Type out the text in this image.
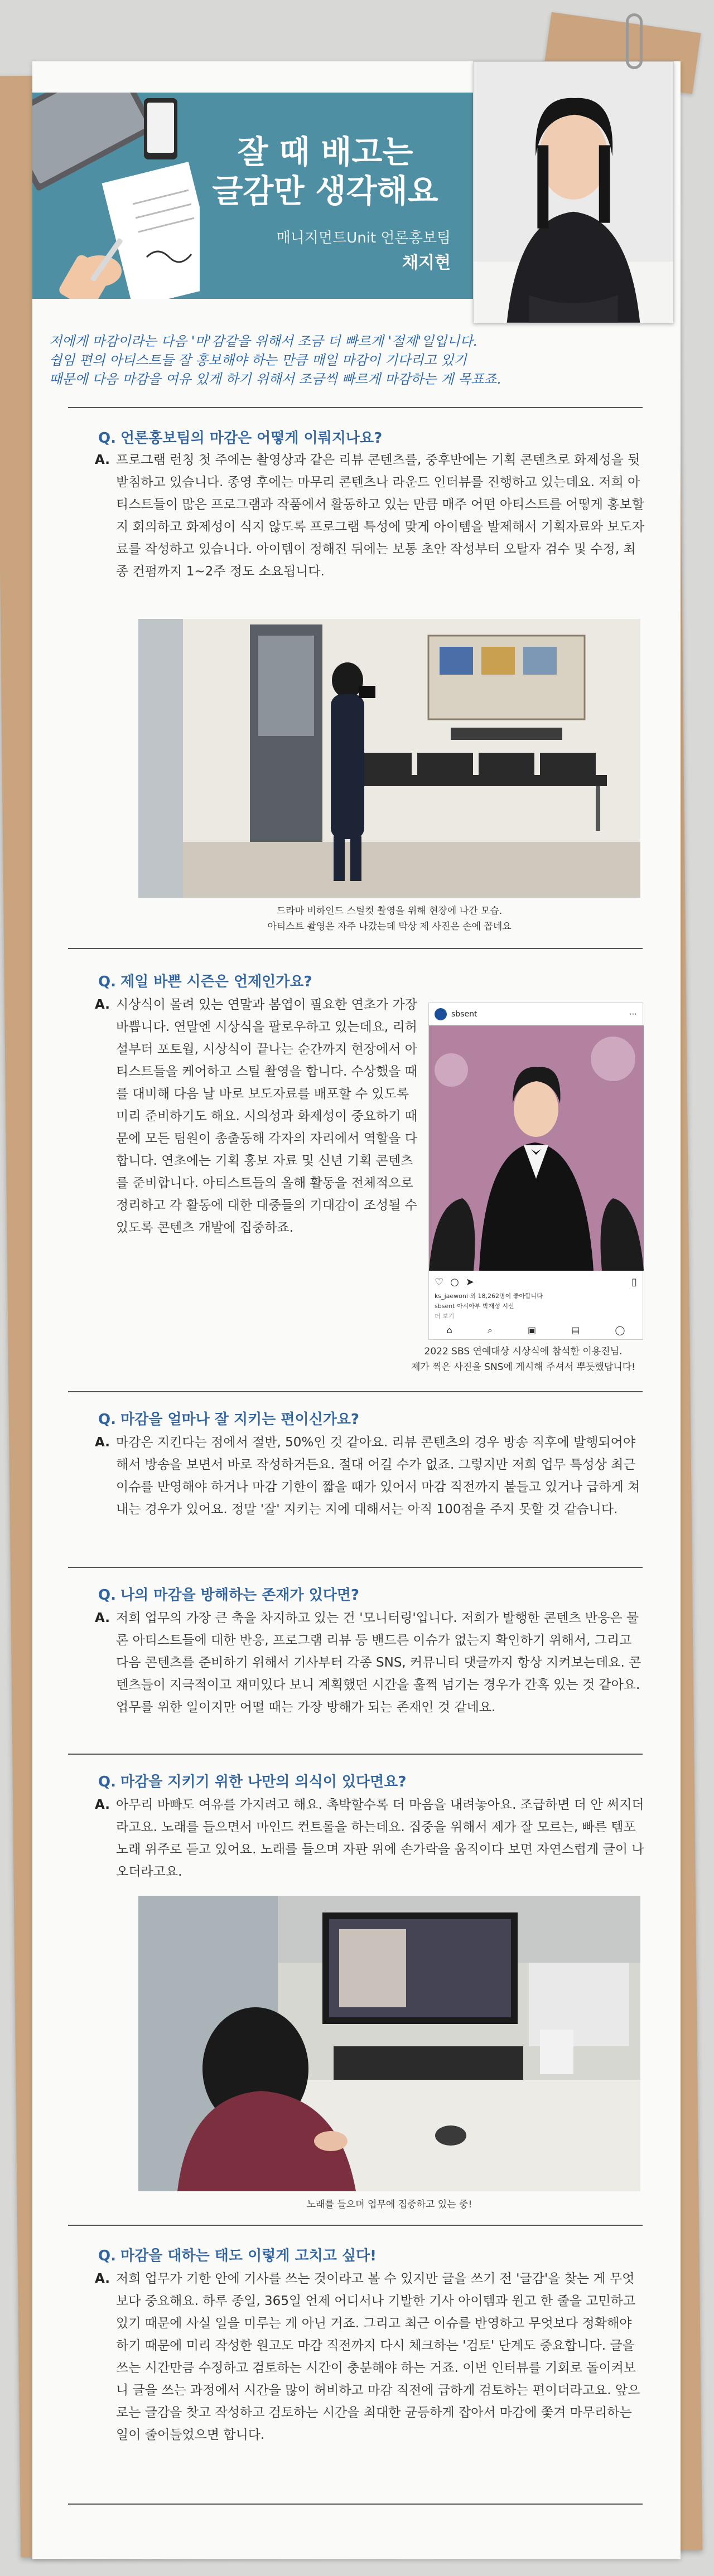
잘 때 배고는
글감만 생각해요
매니지먼트Unit 언론홍보팀
채지현
저에게 마감이라는 다음 '마'감같을 위해서 조금 더 빠르게 '절제'일입니다.
쉽임 편의 아티스트들 잘 홍보해야 하는 만큼 매일 마감이 기다리고 있기
때문에 다음 마감을 여유 있게 하기 위해서 조금씩 빠르게 마감하는 게 목표죠.
Q. 언론홍보팀의 마감은 어떻게 이뤄지나요?
A. 프로그램 런칭 첫 주에는 촬영상과 같은 리뷰 콘텐츠를, 중후반에는 기획 콘텐츠로 화제성을 뒷받침하고 있습니다. 종영 후에는 마무리 콘텐츠나 라운드 인터뷰를 진행하고 있는데요. 저희 아티스트들이 많은 프로그램과 작품에서 활동하고 있는 만큼 매주 어떤 아티스트를 어떻게 홍보할지 회의하고 화제성이 식지 않도록 프로그램 특성에 맞게 아이템을 발제해서 기획자료와 보도자료를 작성하고 있습니다. 아이템이 정해진 뒤에는 보통 초안 작성부터 오탈자 검수 및 수정, 최종 컨펌까지 1~2주 정도 소요됩니다.
드라마 비하인드 스틸컷 촬영을 위해 현장에 나간 모습.
아티스트 촬영은 자주 나갔는데 막상 제 사진은 손에 꼽네요
Q. 제일 바쁜 시즌은 언제인가요?
A. 시상식이 몰려 있는 연말과 봄엽이 필요한 연초가 가장 바쁩니다. 연말엔 시상식을 팔로우하고 있는데요, 리허설부터 포토월, 시상식이 끝나는 순간까지 현장에서 아티스트들을 케어하고 스틸 촬영을 합니다. 수상했을 때를 대비해 다음 날 바로 보도자료를 배포할 수 있도록 미리 준비하기도 해요. 시의성과 화제성이 중요하기 때문에 모든 팀원이 총출동해 각자의 자리에서 역할을 다합니다. 연초에는 기획 홍보 자료 및 신년 기획 콘텐츠를 준비합니다. 아티스트들의 올해 활동을 전체적으로 정리하고 각 활동에 대한 대중들의 기대감이 조성될 수 있도록 콘텐츠 개발에 집중하죠.
sbsent	⋯
♡ ○ ➤	▯
ks_jaewoni 외 18,262명이 좋아합니다
sbsent 아시아부 박재성 시선
더 보기
⌂	⌕	▣	▤	◯
2022 SBS 연예대상 시상식에 참석한 이용진님.
제가 찍은 사진을 SNS에 게시해 주셔서 뿌듯했답니다!
Q. 마감을 얼마나 잘 지키는 편이신가요?
A. 마감은 지킨다는 점에서 절반, 50%인 것 같아요. 리뷰 콘텐츠의 경우 방송 직후에 발행되어야 해서 방송을 보면서 바로 작성하거든요. 절대 어길 수가 없죠. 그렇지만 저희 업무 특성상 최근 이슈를 반영해야 하거나 마감 기한이 짧을 때가 있어서 마감 직전까지 붙들고 있거나 급하게 쳐내는 경우가 있어요. 정말 '잘' 지키는 지에 대해서는 아직 100점을 주지 못할 것 같습니다.
Q. 나의 마감을 방해하는 존재가 있다면?
A. 저희 업무의 가장 큰 축을 차지하고 있는 건 '모니터링'입니다. 저희가 발행한 콘텐츠 반응은 물론 아티스트들에 대한 반응, 프로그램 리뷰 등 밴드른 이슈가 없는지 확인하기 위해서, 그리고 다음 콘텐츠를 준비하기 위해서 기사부터 각종 SNS, 커뮤니티 댓글까지 항상 지켜보는데요. 콘텐츠들이 지극적이고 재미있다 보니 계획했던 시간을 훌쩍 넘기는 경우가 간혹 있는 것 같아요. 업무를 위한 일이지만 어떨 때는 가장 방해가 되는 존재인 것 같네요.
Q. 마감을 지키기 위한 나만의 의식이 있다면요?
A. 아무리 바빠도 여유를 가지려고 해요. 촉박할수록 더 마음을 내려놓아요. 조급하면 더 안 써지더라고요. 노래를 들으면서 마인드 컨트롤을 하는데요. 집중을 위해서 제가 잘 모르는, 빠른 템포 노래 위주로 듣고 있어요. 노래를 들으며 자판 위에 손가락을 움직이다 보면 자연스럽게 글이 나오더라고요.
노래를 들으며 업무에 집중하고 있는 중!
Q. 마감을 대하는 태도 이렇게 고치고 싶다!
A. 저희 업무가 기한 안에 기사를 쓰는 것이라고 볼 수 있지만 글을 쓰기 전 '글감'을 찾는 게 무엇보다 중요해요. 하루 종일, 365일 언제 어디서나 기발한 기사 아이템과 원고 한 줄을 고민하고 있기 때문에 사실 일을 미루는 게 아닌 거죠. 그리고 최근 이슈를 반영하고 무엇보다 정확해야 하기 때문에 미리 작성한 원고도 마감 직전까지 다시 체크하는 '검토' 단계도 중요합니다. 글을 쓰는 시간만큼 수정하고 검토하는 시간이 충분해야 하는 거죠. 이번 인터뷰를 기회로 돌이켜보니 글을 쓰는 과정에서 시간을 많이 허비하고 마감 직전에 급하게 검토하는 편이더라고요. 앞으로는 글감을 찾고 작성하고 검토하는 시간을 최대한 균등하게 잡아서 마감에 쫓겨 마무리하는 일이 줄어들었으면 합니다.
